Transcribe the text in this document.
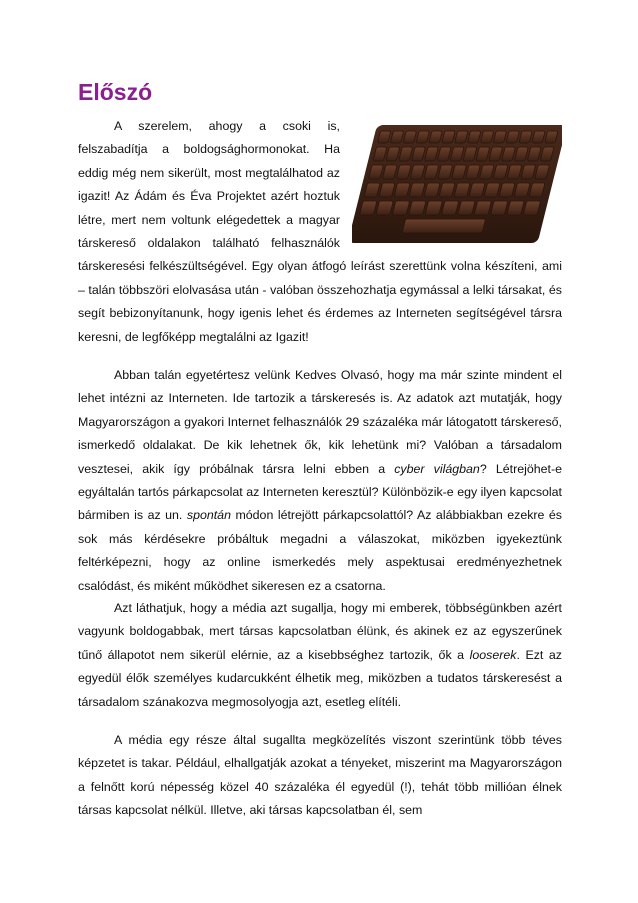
Előszó
A szerelem, ahogy a csoki is, felszabadítja a boldogsághormonokat. Ha eddig még nem sikerült, most megtalálhatod az igazit! Az Ádám és Éva Projektet azért hoztuk létre, mert nem voltunk elégedettek a magyar társkereső oldalakon található felhasználók társkeresési felkészültségével. Egy olyan átfogó leírást szerettünk volna készíteni, ami – talán többszöri elolvasása után - valóban összehozhatja egymással a lelki társakat, és segít bebizonyítanunk, hogy igenis lehet és érdemes az Interneten segítségével társra keresni, de legfőképp megtalálni az Igazit!

Abban talán egyetértesz velünk Kedves Olvasó, hogy ma már szinte mindent el lehet intézni az Interneten. Ide tartozik a társkeresés is. Az adatok azt mutatják, hogy Magyarországon a gyakori Internet felhasználók 29 százaléka már látogatott társkereső, ismerkedő oldalakat. De kik lehetnek ők, kik lehetünk mi? Valóban a társadalom vesztesei, akik így próbálnak társra lelni ebben a cyber világban? Létrejöhet-e egyáltalán tartós párkapcsolat az Interneten keresztül? Különbözik-e egy ilyen kapcsolat bármiben is az un. spontán módon létrejött párkapcsolattól? Az alábbiakban ezekre és sok más kérdésekre próbáltuk megadni a válaszokat, miközben igyekeztünk feltérképezni, hogy az online ismerkedés mely aspektusai eredményezhetnek csalódást, és miként működhet sikeresen ez a csatorna.

Azt láthatjuk, hogy a média azt sugallja, hogy mi emberek, többségünkben azért vagyunk boldogabbak, mert társas kapcsolatban élünk, és akinek ez az egyszerűnek tűnő állapotot nem sikerül elérnie, az a kisebbséghez tartozik, ők a looserek. Ezt az egyedül élők személyes kudarcukként élhetik meg, miközben a tudatos társkeresést a társadalom szánakozva megmosolyogja azt, esetleg elítéli.

A média egy része által sugallta megközelítés viszont szerintünk több téves képzetet is takar. Például, elhallgatják azokat a tényeket, miszerint ma Magyarországon a felnőtt korú népesség közel 40 százaléka él egyedül (!), tehát több millióan élnek társas kapcsolat nélkül. Illetve, aki társas kapcsolatban él, sem
